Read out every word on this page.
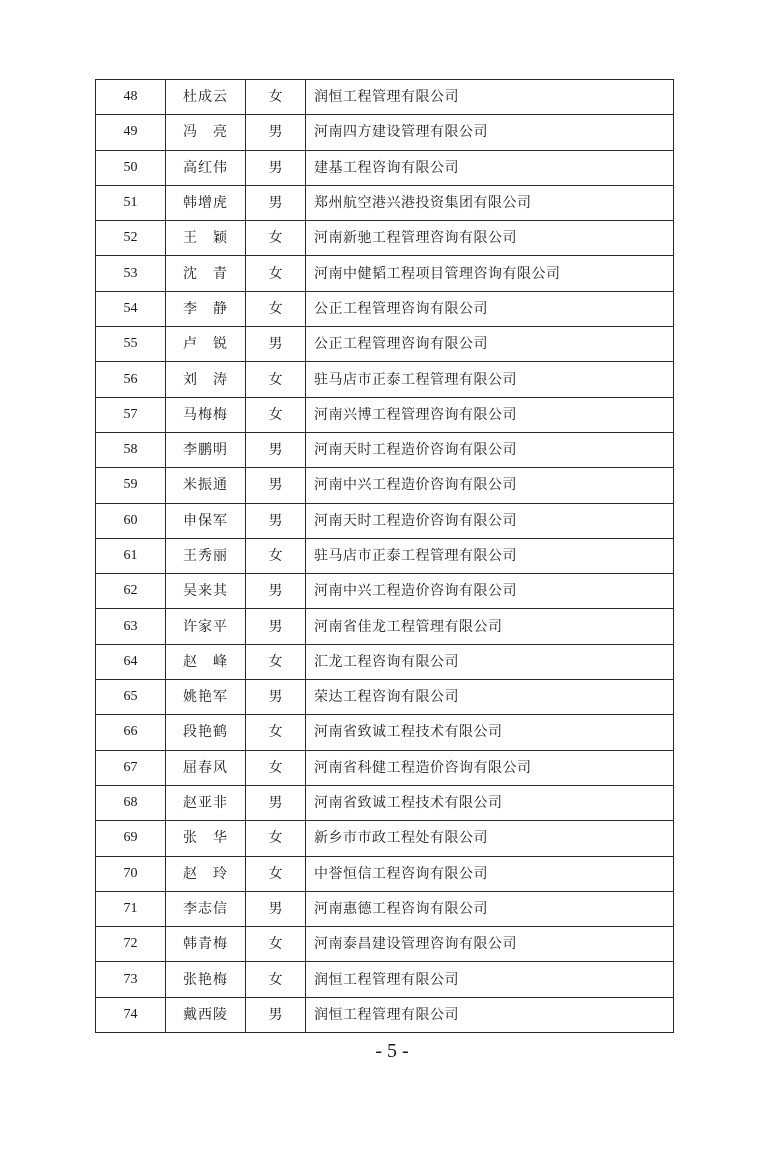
48	杜成云	女	润恒工程管理有限公司
49	冯　亮	男	河南四方建设管理有限公司
50	高红伟	男	建基工程咨询有限公司
51	韩增虎	男	郑州航空港兴港投资集团有限公司
52	王　颖	女	河南新驰工程管理咨询有限公司
53	沈　青	女	河南中健韬工程项目管理咨询有限公司
54	李　静	女	公正工程管理咨询有限公司
55	卢　锐	男	公正工程管理咨询有限公司
56	刘　涛	女	驻马店市正泰工程管理有限公司
57	马梅梅	女	河南兴博工程管理咨询有限公司
58	李鹏明	男	河南天时工程造价咨询有限公司
59	米振通	男	河南中兴工程造价咨询有限公司
60	申保军	男	河南天时工程造价咨询有限公司
61	王秀丽	女	驻马店市正泰工程管理有限公司
62	吴来其	男	河南中兴工程造价咨询有限公司
63	许家平	男	河南省佳龙工程管理有限公司
64	赵　峰	女	汇龙工程咨询有限公司
65	姚艳军	男	荣达工程咨询有限公司
66	段艳鹤	女	河南省致诚工程技术有限公司
67	屈春风	女	河南省科健工程造价咨询有限公司
68	赵亚非	男	河南省致诚工程技术有限公司
69	张　华	女	新乡市市政工程处有限公司
70	赵　玲	女	中誉恒信工程咨询有限公司
71	李志信	男	河南惠德工程咨询有限公司
72	韩青梅	女	河南泰昌建设管理咨询有限公司
73	张艳梅	女	润恒工程管理有限公司
74	戴西陵	男	润恒工程管理有限公司
- 5 -
